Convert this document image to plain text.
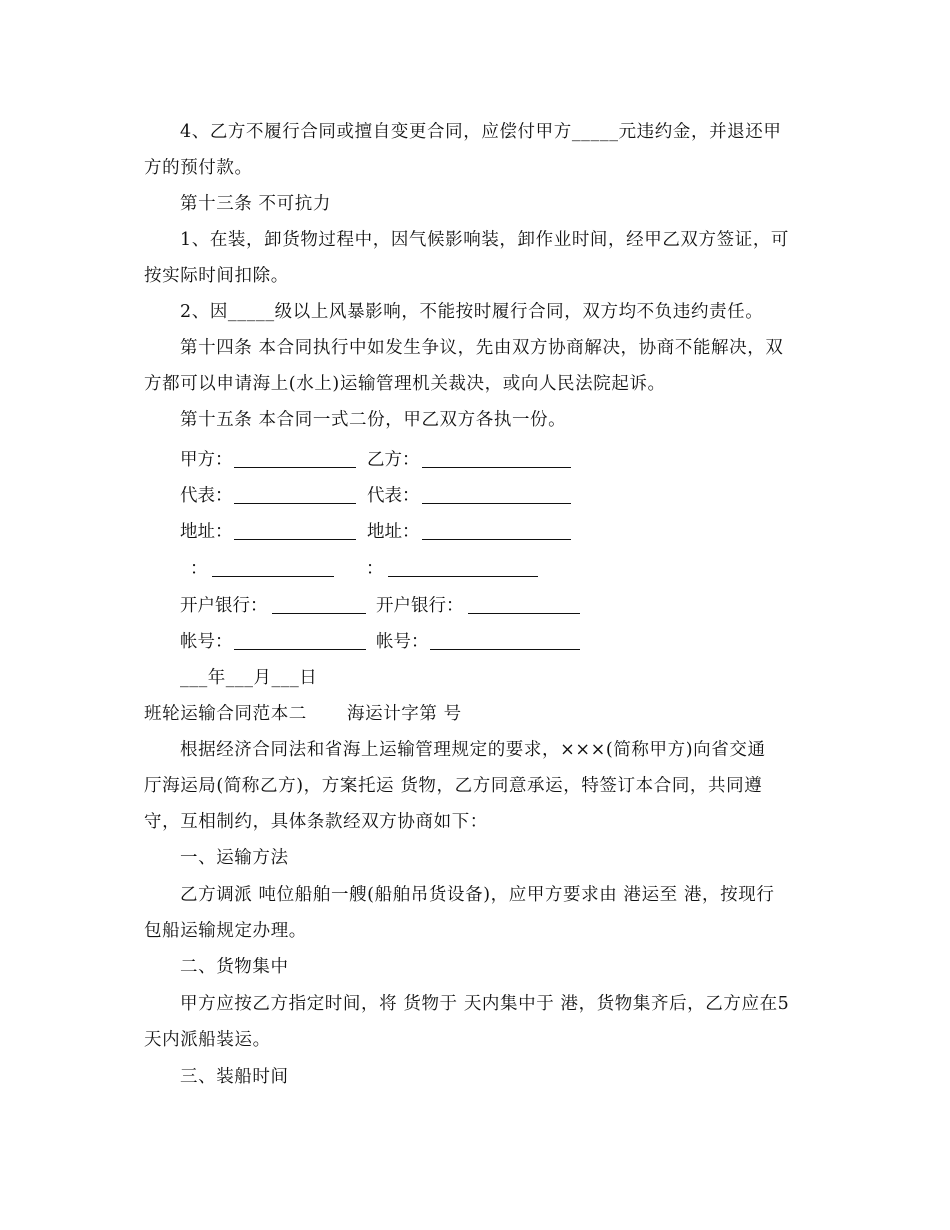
4、乙方不履行合同或擅自变更合同，应偿付甲方_____元违约金，并退还甲
方的预付款。
第十三条 不可抗力
1、在装，卸货物过程中，因气候影响装，卸作业时间，经甲乙双方签证，可
按实际时间扣除。
2、因_____级以上风暴影响，不能按时履行合同，双方均不负违约责任。
第十四条 本合同执行中如发生争议，先由双方协商解决，协商不能解决，双
方都可以申请海上(水上)运输管理机关裁决，或向人民法院起诉。
第十五条 本合同一式二份，甲乙双方各执一份。
甲方：	乙方：
代表：	代表：
地址：	地址：
：	：
开户银行：	开户银行：
帐号：	帐号：
___年___月___日
班轮运输合同范本二 海运计字第 号
根据经济合同法和省海上运输管理规定的要求，×××(简称甲方)向省交通
厅海运局(简称乙方)，方案托运 货物，乙方同意承运，特签订本合同，共同遵
守，互相制约，具体条款经双方协商如下：
一、运输方法
乙方调派 吨位船舶一艘(船舶吊货设备)，应甲方要求由 港运至 港，按现行
包船运输规定办理。
二、货物集中
甲方应按乙方指定时间，将 货物于 天内集中于 港，货物集齐后，乙方应在5
天内派船装运。
三、装船时间
